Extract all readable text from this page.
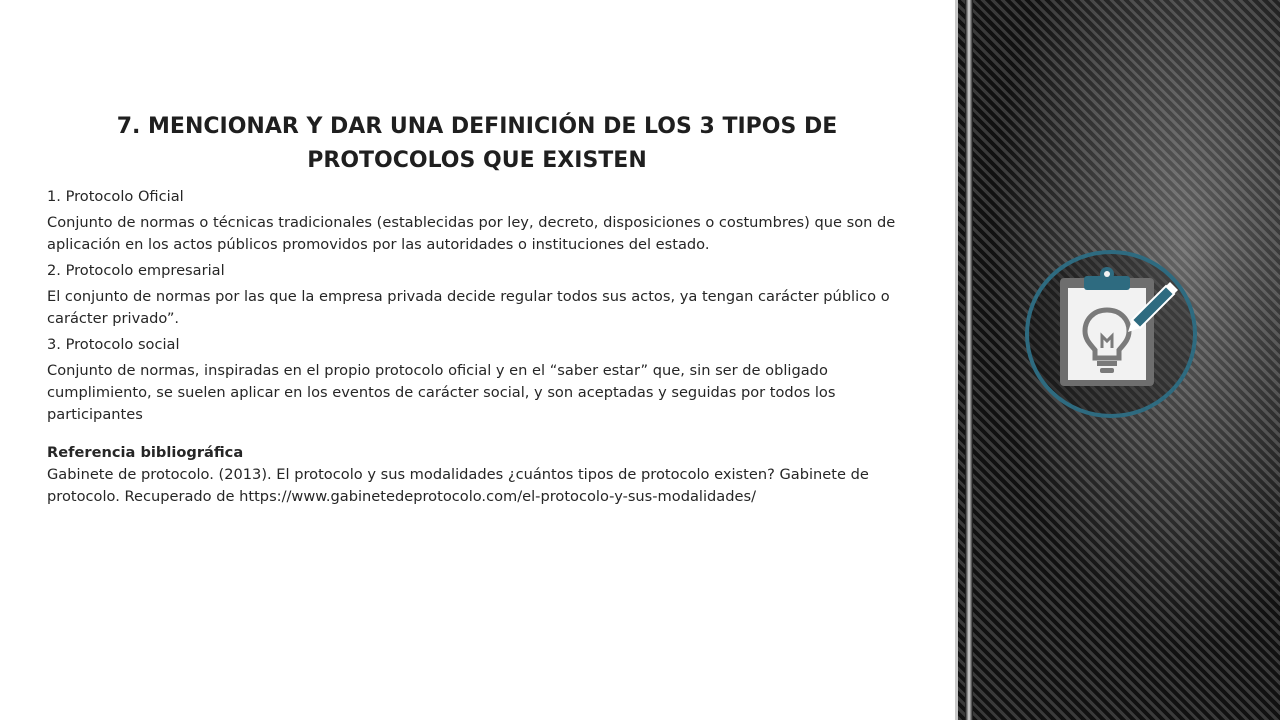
7. MENCIONAR Y DAR UNA DEFINICIÓN DE LOS 3 TIPOS DE PROTOCOLOS QUE EXISTEN

1. Protocolo Oficial

Conjunto de normas o técnicas tradicionales (establecidas por ley, decreto, disposiciones o costumbres) que son de aplicación en los actos públicos promovidos por las autoridades o instituciones del estado.

2. Protocolo empresarial

El conjunto de normas por las que la empresa privada decide regular todos sus actos, ya tengan carácter público o carácter privado”.

3. Protocolo social

Conjunto de normas, inspiradas en el propio protocolo oficial y en el “saber estar” que, sin ser de obligado cumplimiento, se suelen aplicar en los eventos de carácter social, y son aceptadas y seguidas por todos los participantes

Referencia bibliográfica

Gabinete de protocolo. (2013). El protocolo y sus modalidades ¿cuántos tipos de protocolo existen? Gabinete de protocolo. Recuperado de https://www.gabinetedeprotocolo.com/el-protocolo-y-sus-modalidades/
